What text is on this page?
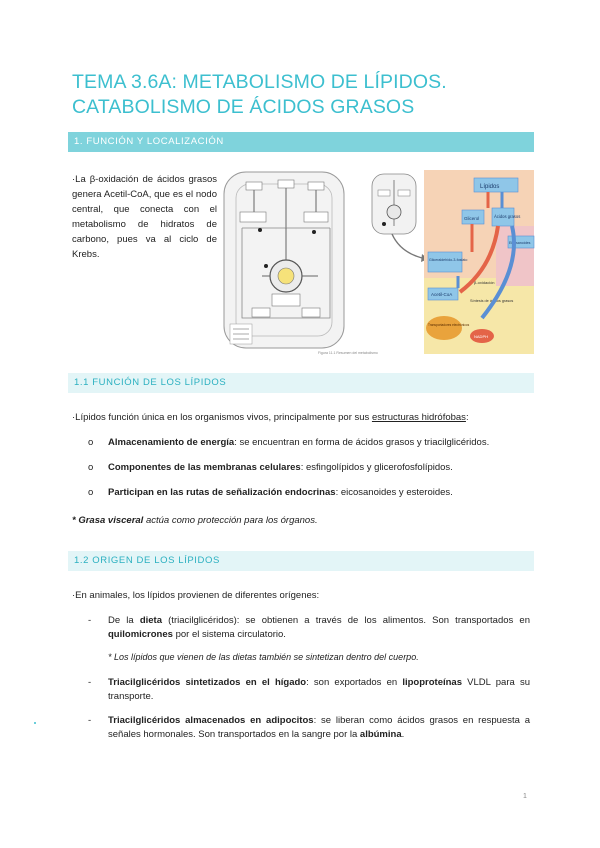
TEMA 3.6A: METABOLISMO DE LÍPIDOS. CATABOLISMO DE ÁCIDOS GRASOS
1. FUNCIÓN Y LOCALIZACIÓN
·La β-oxidación de ácidos grasos genera Acetil-CoA, que es el nodo central, que conecta con el metabolismo de hidratos de carbono, pues va al ciclo de Krebs.
Figura 11.1 Resumen del metabolismo
Lípidos
Glicerol	Ácidos grasos
Eicosanoides
Gliceraldehído-3-fosfato
Acetil-CoA
β-oxidación
Síntesis de ácidos grasos
Transportadores electrónicos
NADPH
1.1 FUNCIÓN DE LOS LÍPIDOS
·Lípidos función única en los organismos vivos, principalmente por sus estructuras hidrófobas:

o Almacenamiento de energía: se encuentran en forma de ácidos grasos y triacilglicéridos.

o Componentes de las membranas celulares: esfingolípidos y glicerofosfolípidos.

o Participan en las rutas de señalización endocrinas: eicosanoides y esteroides.

* Grasa visceral actúa como protección para los órganos.
1.2 ORIGEN DE LOS LÍPIDOS
·En animales, los lípidos provienen de diferentes orígenes:

- De la dieta (triacilglicéridos): se obtienen a través de los alimentos. Son transportados en quilomicrones por el sistema circulatorio.

* Los lípidos que vienen de las dietas también se sintetizan dentro del cuerpo.

- Triacilglicéridos sintetizados en el hígado: son exportados en lipoproteínas VLDL para su transporte.

- Triacilglicéridos almacenados en adipocitos: se liberan como ácidos grasos en respuesta a señales hormonales. Son transportados en la sangre por la albúmina.

1
